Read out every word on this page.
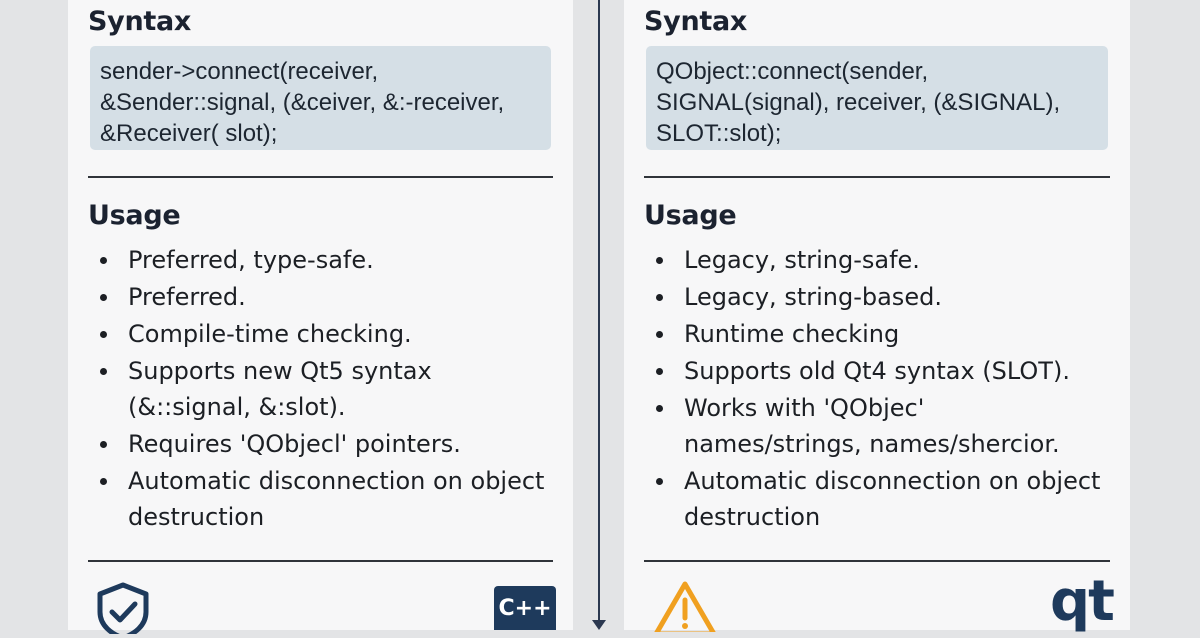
Syntax
sender->connect(receiver,
&Sender::signal, (&ceiver, &:-receiver,
&Receiver( slot);
Usage
Preferred, type-safe.
Preferred.
Compile-time checking.
Supports new Qt5 syntax (&::signal, &:slot).
Requires 'QObjecl' pointers.
Automatic disconnection on object destruction
C++
Syntax
QObject::connect(sender,
SIGNAL(signal), receiver, (&SIGNAL),
SLOT::slot);
Usage
Legacy, string-safe.
Legacy, string-based.
Runtime checking
Supports old Qt4 syntax (SLOT).
Works with 'QObjec' names/strings, names/shercior.
Automatic disconnection on object destruction
qt
